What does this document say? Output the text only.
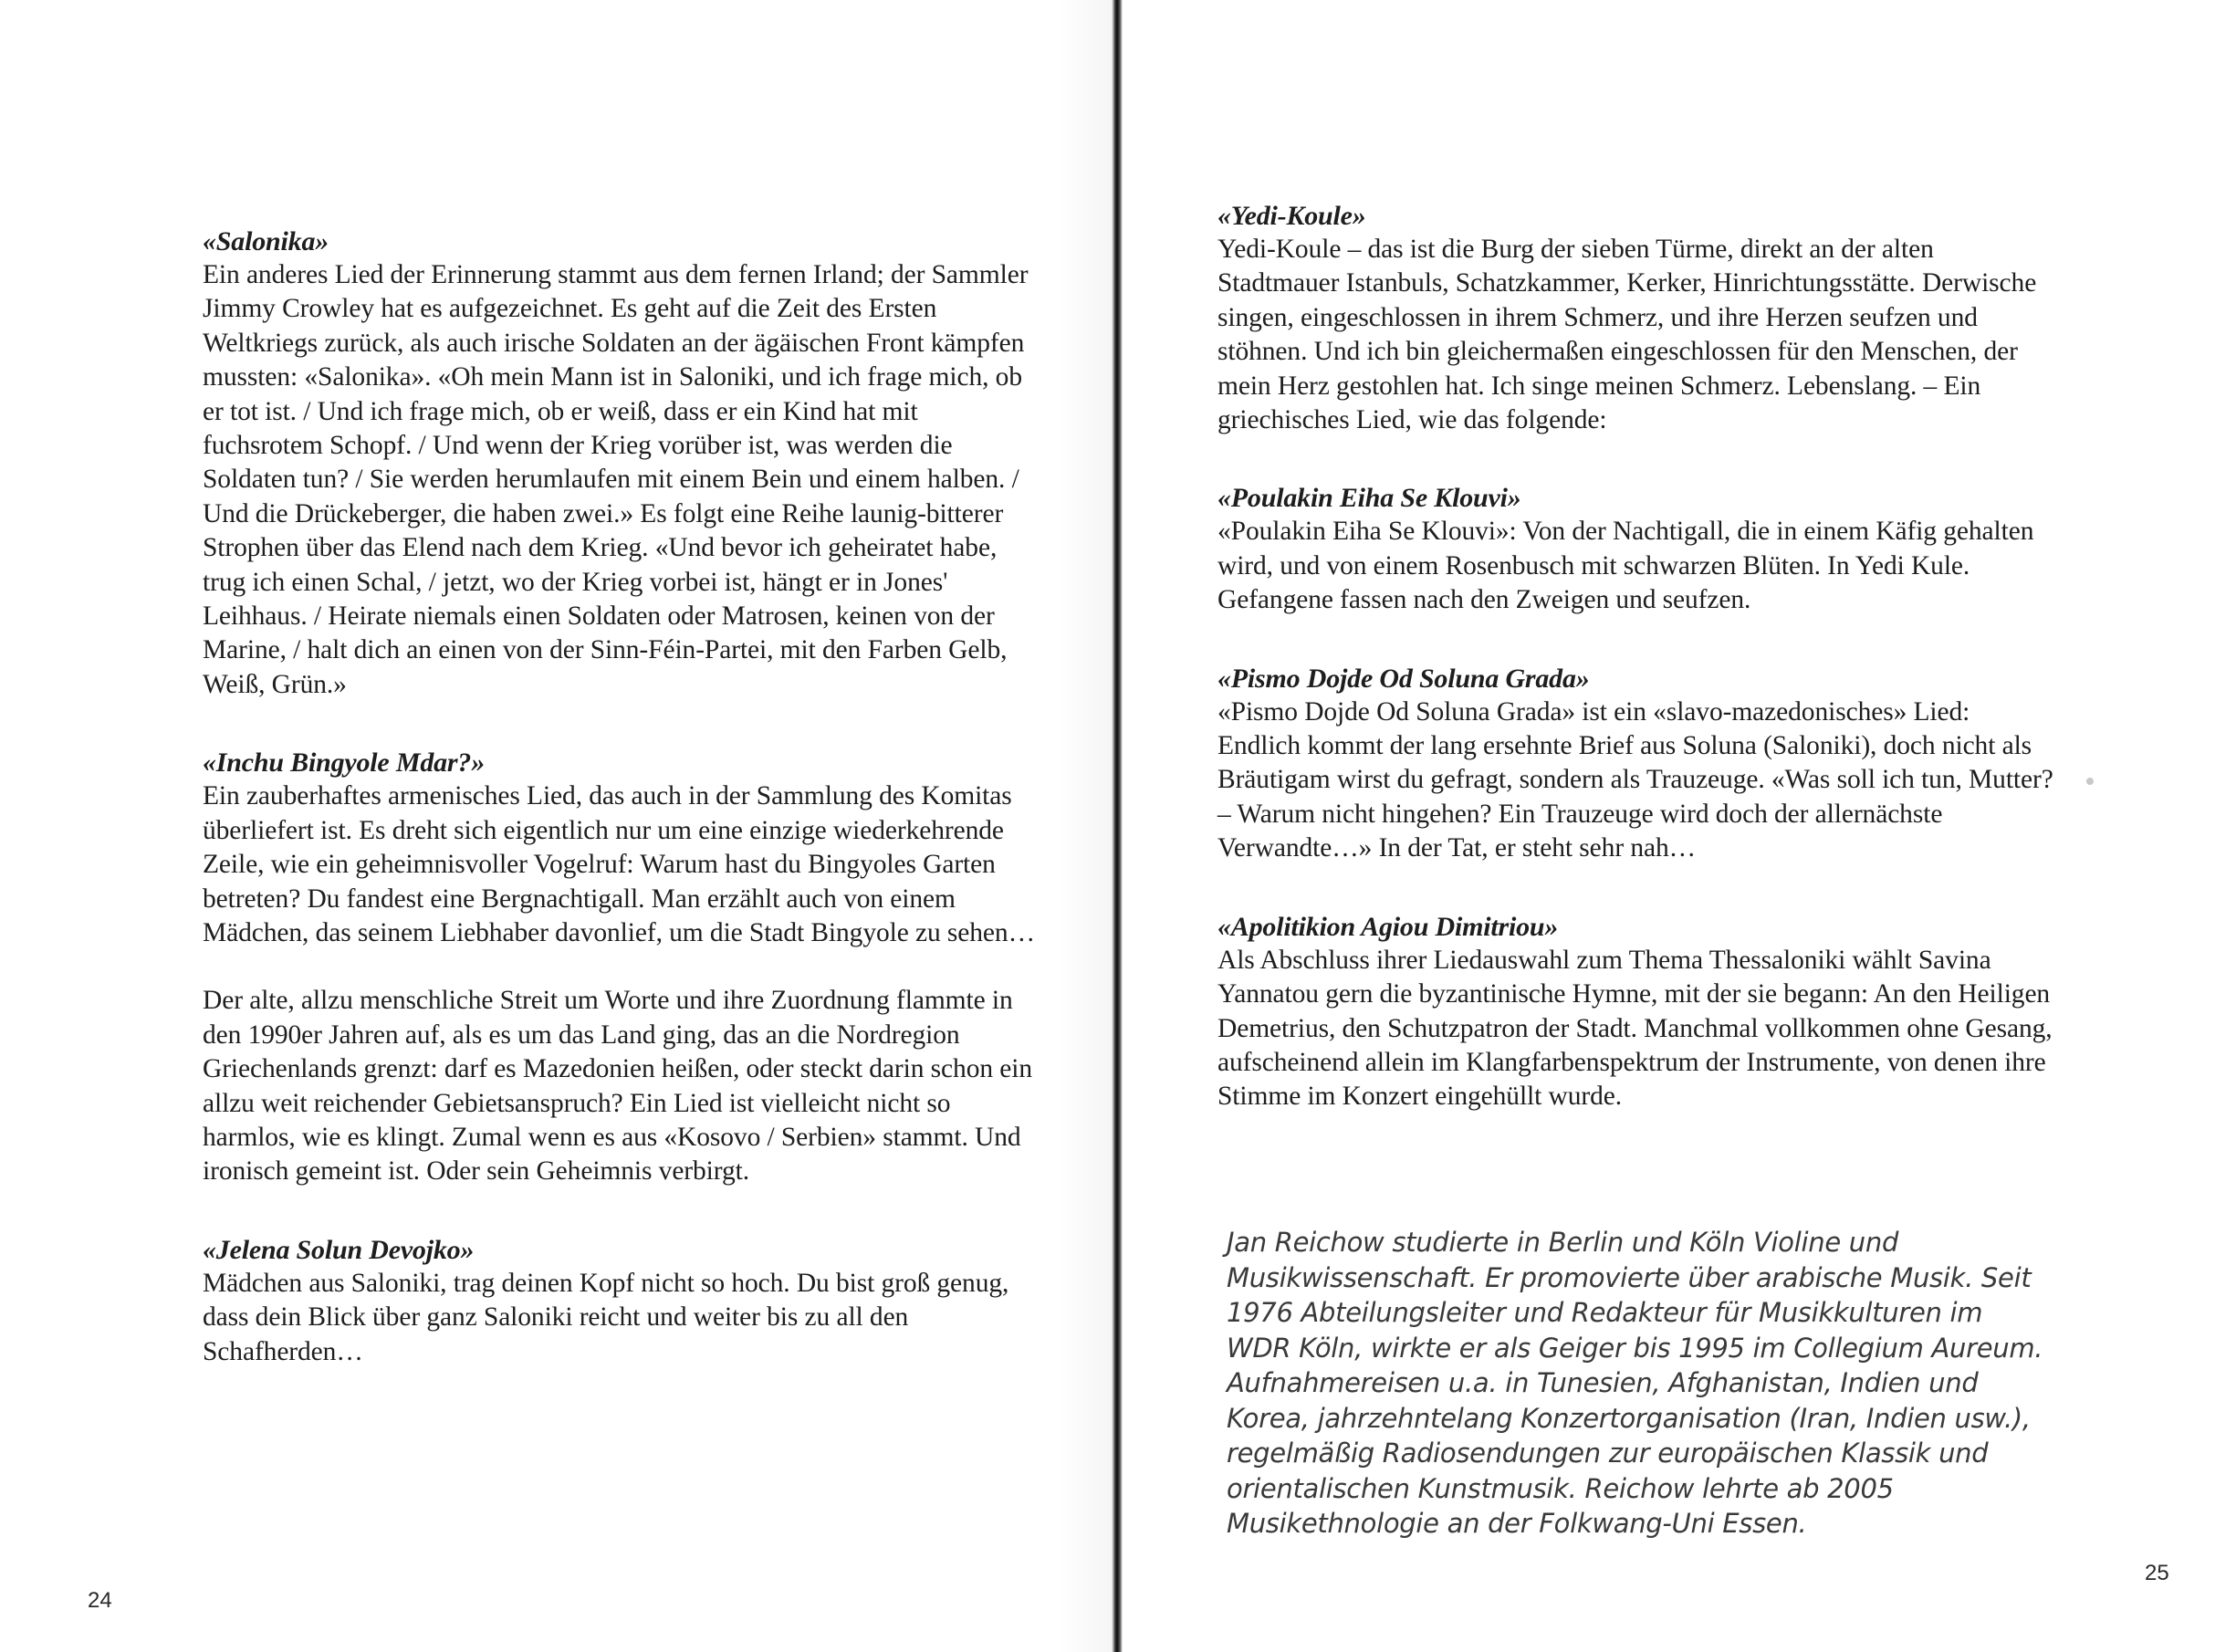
«Salonika»

Ein anderes Lied der Erinnerung stammt aus dem fernen Irland; der Sammler Jimmy Crowley hat es aufgezeichnet. Es geht auf die Zeit des Ersten Weltkriegs zurück, als auch irische Soldaten an der ägäischen Front kämpfen mussten: «Salonika». «Oh mein Mann ist in Saloniki, und ich frage mich, ob er tot ist. / Und ich frage mich, ob er weiß, dass er ein Kind hat mit fuchsrotem Schopf. / Und wenn der Krieg vorüber ist, was werden die Soldaten tun? / Sie werden herumlaufen mit einem Bein und einem halben. / Und die Drückeberger, die haben zwei.» Es folgt eine Reihe launig-bitterer Strophen über das Elend nach dem Krieg. «Und bevor ich geheiratet habe, trug ich einen Schal, / jetzt, wo der Krieg vorbei ist, hängt er in Jones' Leihhaus. / Heirate niemals einen Soldaten oder Matrosen, keinen von der Marine, / halt dich an einen von der Sinn-Féin-Partei, mit den Farben Gelb, Weiß, Grün.»

«Inchu Bingyole Mdar?»

Ein zauberhaftes armenisches Lied, das auch in der Sammlung des Komitas überliefert ist. Es dreht sich eigentlich nur um eine einzige wiederkehrende Zeile, wie ein geheimnisvoller Vogelruf: Warum hast du Bingyoles Garten betreten? Du fandest eine Bergnachtigall. Man erzählt auch von einem Mädchen, das seinem Liebhaber davonlief, um die Stadt Bingyole zu sehen…

Der alte, allzu menschliche Streit um Worte und ihre Zuordnung flammte in den 1990er Jahren auf, als es um das Land ging, das an die Nordregion Griechenlands grenzt: darf es Mazedonien heißen, oder steckt darin schon ein allzu weit reichender Gebietsanspruch? Ein Lied ist vielleicht nicht so harmlos, wie es klingt. Zumal wenn es aus «Kosovo / Serbien» stammt. Und ironisch gemeint ist. Oder sein Geheimnis verbirgt.

«Jelena Solun Devojko»

Mädchen aus Saloniki, trag deinen Kopf nicht so hoch. Du bist groß genug, dass dein Blick über ganz Saloniki reicht und weiter bis zu all den Schafherden…

24

«Yedi-Koule»

Yedi-Koule – das ist die Burg der sieben Türme, direkt an der alten Stadtmauer Istanbuls, Schatzkammer, Kerker, Hinrichtungsstätte. Derwische singen, eingeschlossen in ihrem Schmerz, und ihre Herzen seufzen und stöhnen. Und ich bin gleichermaßen eingeschlossen für den Menschen, der mein Herz gestohlen hat. Ich singe meinen Schmerz. Lebenslang. – Ein griechisches Lied, wie das folgende:

«Poulakin Eiha Se Klouvi»

«Poulakin Eiha Se Klouvi»: Von der Nachtigall, die in einem Käfig gehalten wird, und von einem Rosenbusch mit schwarzen Blüten. In Yedi Kule. Gefangene fassen nach den Zweigen und seufzen.

«Pismo Dojde Od Soluna Grada»

«Pismo Dojde Od Soluna Grada» ist ein «slavo-mazedonisches» Lied: Endlich kommt der lang ersehnte Brief aus Soluna (Saloniki), doch nicht als Bräutigam wirst du gefragt, sondern als Trauzeuge. «Was soll ich tun, Mutter? – Warum nicht hingehen? Ein Trauzeuge wird doch der allernächste Verwandte…» In der Tat, er steht sehr nah…

«Apolitikion Agiou Dimitriou»

Als Abschluss ihrer Liedauswahl zum Thema Thessaloniki wählt Savina Yannatou gern die byzantinische Hymne, mit der sie begann: An den Heiligen Demetrius, den Schutzpatron der Stadt. Manchmal vollkommen ohne Gesang, aufscheinend allein im Klangfarbenspektrum der Instrumente, von denen ihre Stimme im Konzert eingehüllt wurde.

Jan Reichow studierte in Berlin und Köln Violine und Musikwissenschaft. Er promovierte über arabische Musik. Seit 1976 Abteilungsleiter und Redakteur für Musikkulturen im WDR Köln, wirkte er als Geiger bis 1995 im Collegium Aureum. Aufnahmereisen u.a. in Tunesien, Afghanistan, Indien und Korea, jahrzehntelang Konzertorganisation (Iran, Indien usw.), regelmäßig Radiosendungen zur europäischen Klassik und orientalischen Kunstmusik. Reichow lehrte ab 2005 Musikethnologie an der Folkwang-Uni Essen.

25
